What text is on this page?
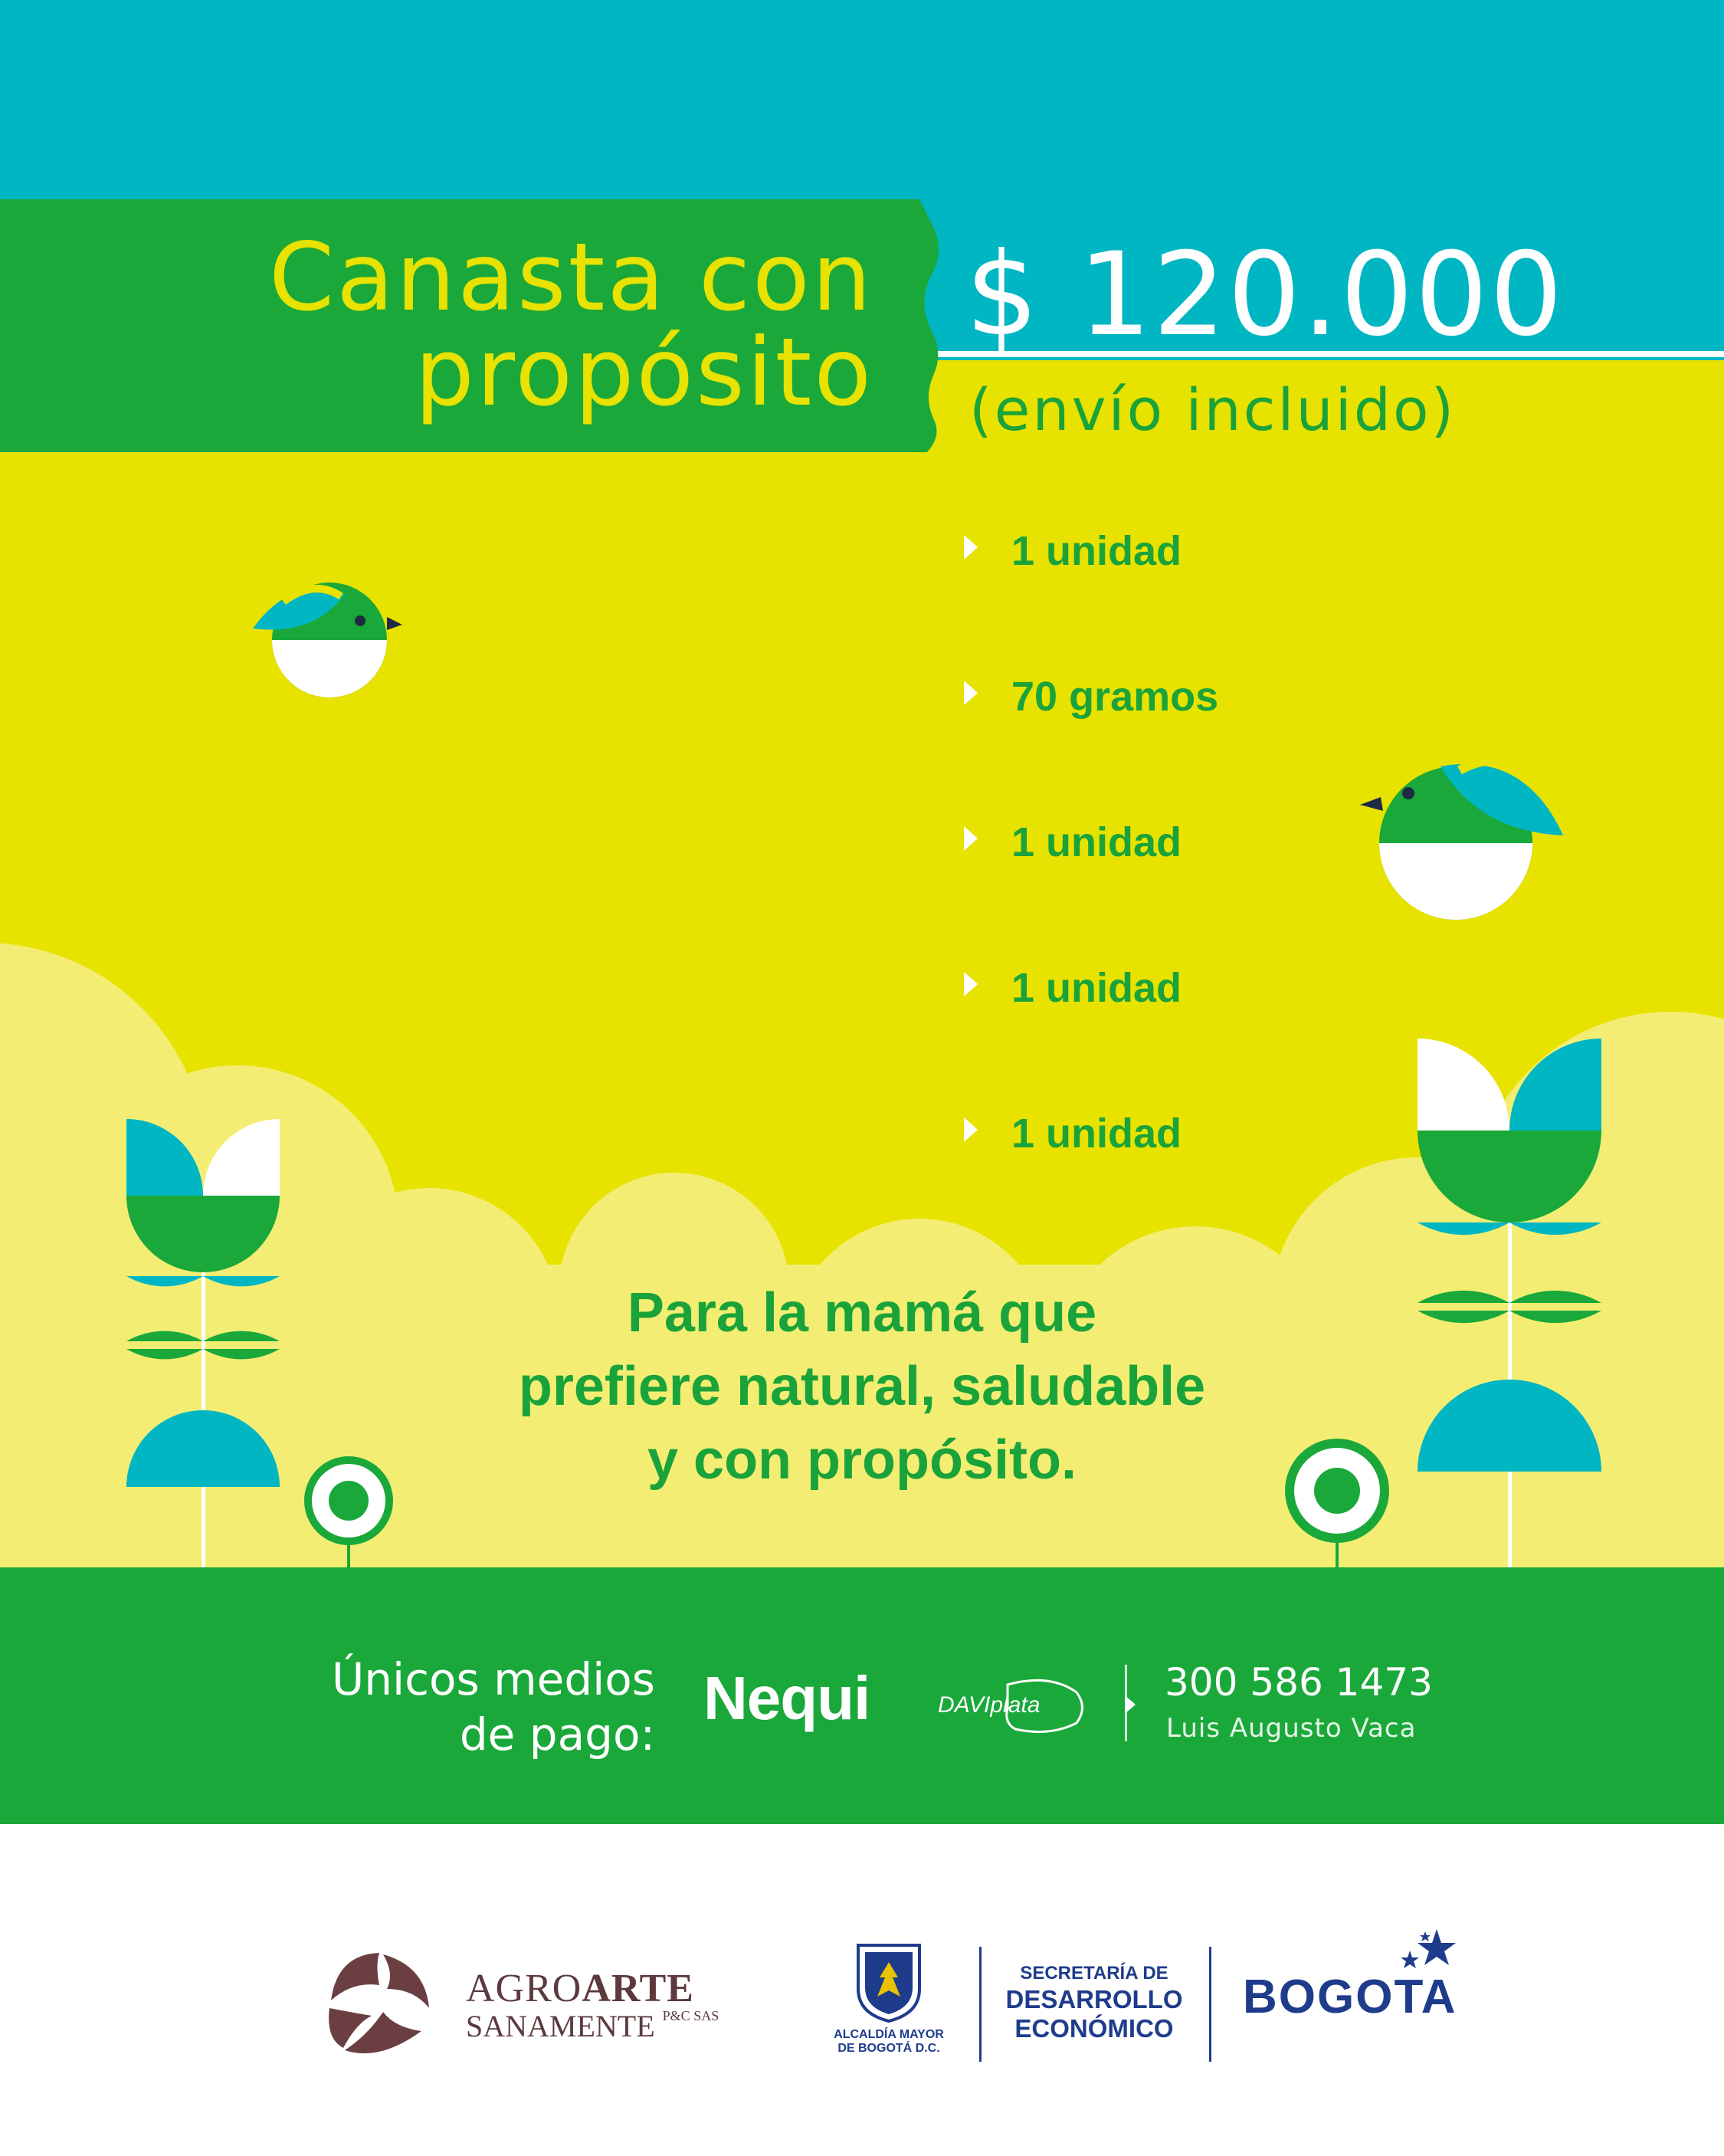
Canasta con
propósito
$ 120.000
(envío incluido)
1 unidad
70 gramos
1 unidad
1 unidad
1 unidad
Para la mamá que
prefiere natural, saludable
y con propósito.
Únicos medios
de pago:
Nequi	DAVIplata
300 586 1473
Luis Augusto Vaca
AGROARTE
SANAMENTE $^{P\&C SAS}$
ALCALDÍA MAYOR
DE BOGOTÁ D.C.
SECRETARÍA DE
DESARROLLO
ECONÓMICO
BOGOTA
